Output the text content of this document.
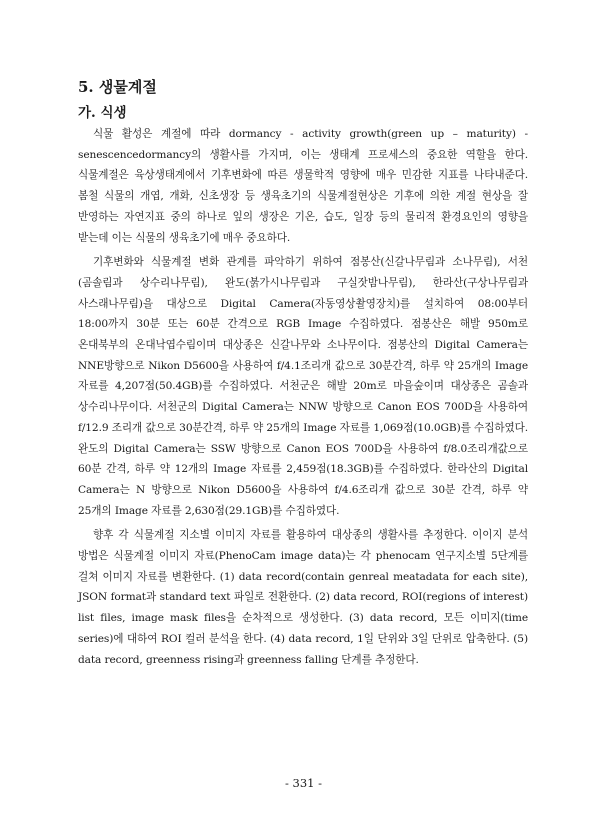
5. 생물계절
가. 식생

식물 활성은 계절에 따라 dormancy - activity growth(green up – maturity) - senescencedormancy의 생활사를 가지며, 이는 생태계 프로세스의 중요한 역할을 한다. 식물계절은 육상생태계에서 기후변화에 따른 생물학적 영향에 매우 민감한 지표를 나타내준다. 봄철 식물의 개엽, 개화, 신초생장 등 생육초기의 식물계절현상은 기후에 의한 계절 현상을 잘 반영하는 자연지표 중의 하나로 잎의 생장은 기온, 습도, 일장 등의 물리적 환경요인의 영향을 받는데 이는 식물의 생육초기에 매우 중요하다.

기후변화와 식물계절 변화 관계를 파악하기 위하여 점봉산(신갈나무림과 소나무림), 서천(곰솔림과 상수리나무림), 완도(붉가시나무림과 구실잣밤나무림), 한라산(구상나무림과 사스래나무림)을 대상으로 Digital Camera(자동영상촬영장치)를 설치하여 08:00부터 18:00까지 30분 또는 60분 간격으로 RGB Image 수집하였다. 점봉산은 해발 950m로 온대북부의 온대낙엽수림이며 대상종은 신갈나무와 소나무이다. 점봉산의 Digital Camera는 NNE방향으로 Nikon D5600을 사용하여 f/4.1조리개 값으로 30분간격, 하루 약 25개의 Image 자료를 4,207점(50.4GB)를 수집하였다. 서천군은 해발 20m로 마을숲이며 대상종은 곰솔과 상수리나무이다. 서천군의 Digital Camera는 NNW 방향으로 Canon EOS 700D을 사용하여 f/12.9 조리개 값으로 30분간격, 하루 약 25개의 Image 자료를 1,069점(10.0GB)를 수집하였다. 완도의 Digital Camera는 SSW 방향으로 Canon EOS 700D을 사용하여 f/8.0조리개값으로 60분 간격, 하루 약 12개의 Image 자료를 2,459점(18.3GB)를 수집하였다. 한라산의 Digital Camera는 N 방향으로 Nikon D5600을 사용하여 f/4.6조리개 값으로 30분 간격, 하루 약 25개의 Image 자료를 2,630점(29.1GB)를 수집하였다.

향후 각 식물계절 지소별 이미지 자료를 활용하여 대상종의 생활사를 추정한다. 이이지 분석 방법은 식물계절 이미지 자료(PhenoCam image data)는 각 phenocam 연구지소별 5단계를 걸쳐 이미지 자료를 변환한다. (1) data record(contain genreal meatadata for each site), JSON format과 standard text 파일로 전환한다. (2) data record, ROI(regions of interest) list files, image mask files을 순차적으로 생성한다. (3) data record, 모든 이미지(time series)에 대하여 ROI 컬러 분석을 한다. (4) data record, 1일 단위와 3일 단위로 압축한다. (5) data record, greenness rising과 greenness falling 단계를 추정한다.

- 331 -
